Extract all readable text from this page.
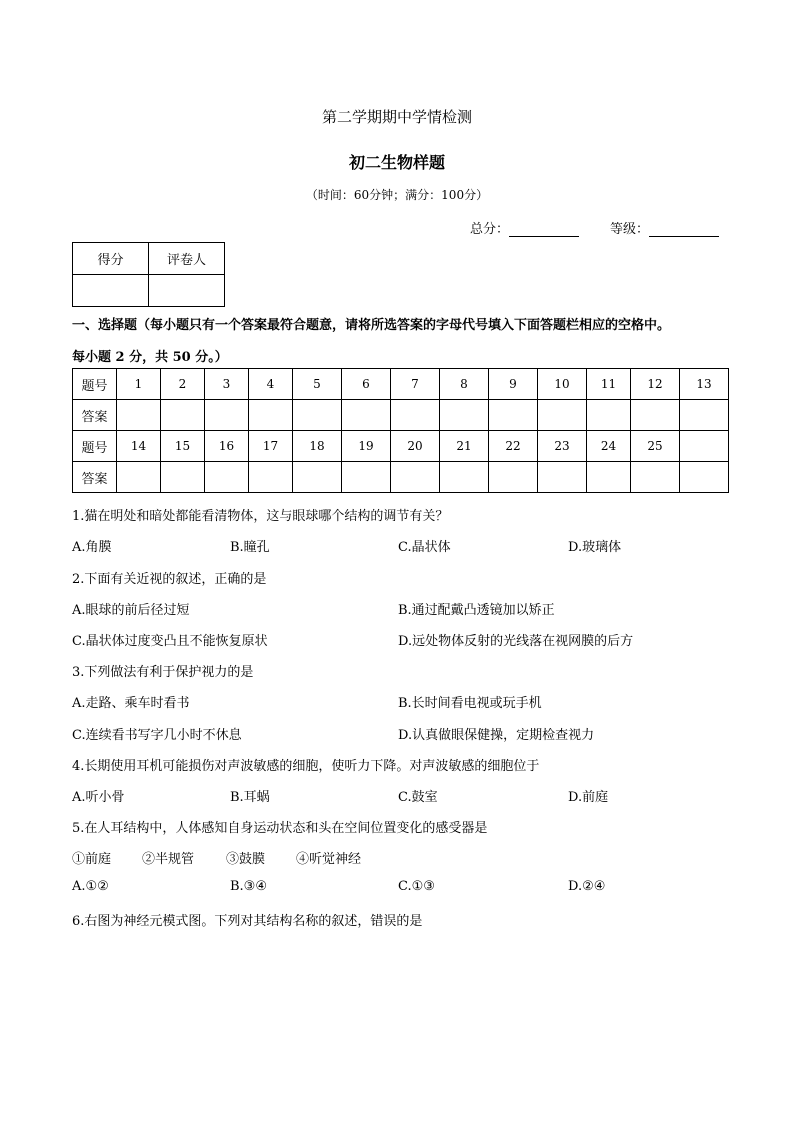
第二学期期中学情检测
初二生物样题
（时间：60分钟；满分：100分）
总分：	等级：
得分	评卷人

一、选择题（每小题只有一个答案最符合题意，请将所选答案的字母代号填入下面答题栏相应的空格中。
每小题 2 分，共 50 分。）
题号	1	2	3	4	5	6	7	8	9	10	11	12	13
答案													
题号	14	15	16	17	18	19	20	21	22	23	24	25	
答案													
1.猫在明处和暗处都能看清物体，这与眼球哪个结构的调节有关？
A.角膜	B.瞳孔	C.晶状体	D.玻璃体
2.下面有关近视的叙述，正确的是
A.眼球的前后径过短	B.通过配戴凸透镜加以矫正
C.晶状体过度变凸且不能恢复原状	D.远处物体反射的光线落在视网膜的后方
3.下列做法有利于保护视力的是
A.走路、乘车时看书	B.长时间看电视或玩手机
C.连续看书写字几小时不休息	D.认真做眼保健操，定期检查视力
4.长期使用耳机可能损伤对声波敏感的细胞，使听力下降。对声波敏感的细胞位于
A.听小骨	B.耳蜗	C.鼓室	D.前庭
5.在人耳结构中，人体感知自身运动状态和头在空间位置变化的感受器是
①前庭 ②半规管 ③鼓膜 ④听觉神经
A.①②	B.③④	C.①③	D.②④
6.右图为神经元模式图。下列对其结构名称的叙述，错误的是
